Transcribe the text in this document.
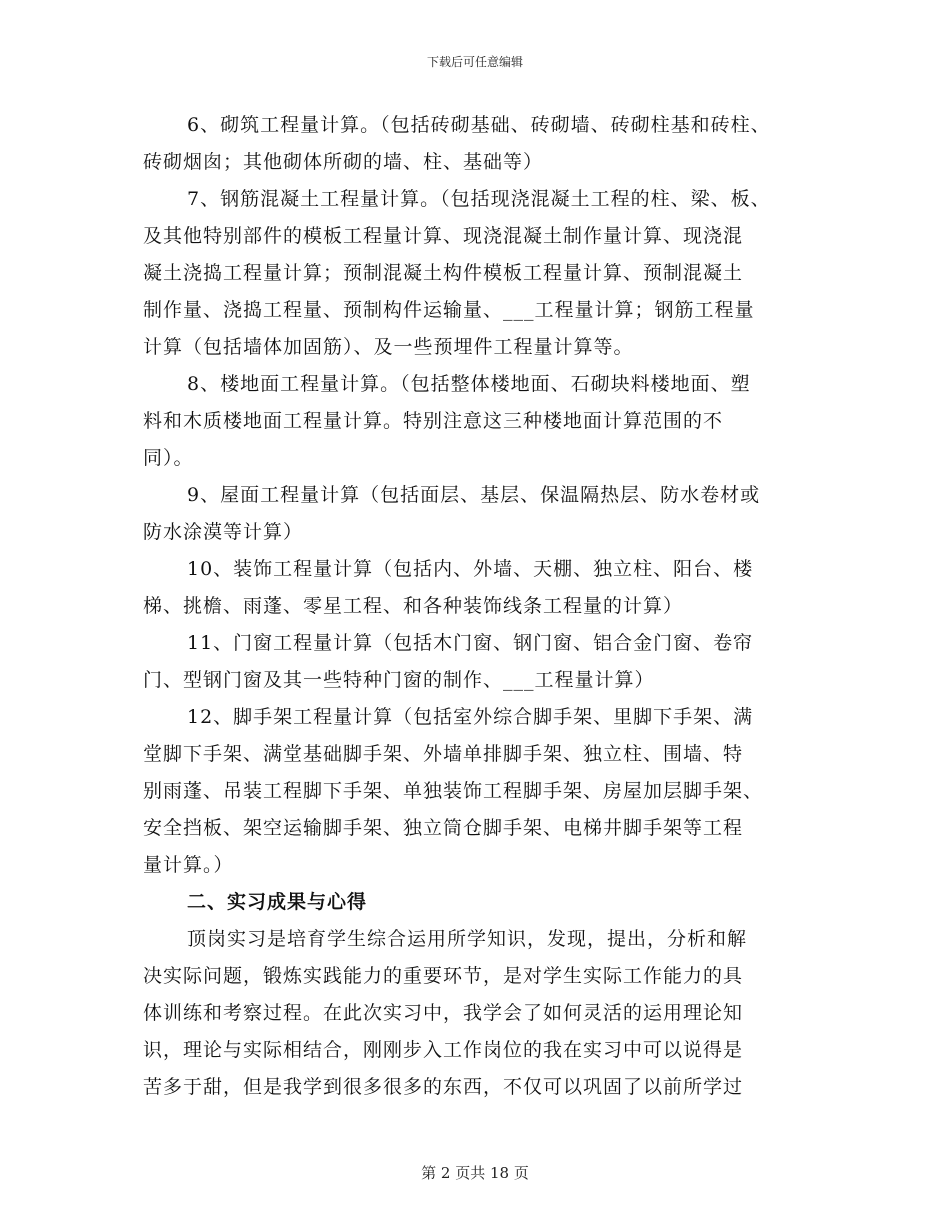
下载后可任意编辑
6、砌筑工程量计算。（包括砖砌基础、砖砌墙、砖砌柱基和砖柱、
砖砌烟囱；其他砌体所砌的墙、柱、基础等）
7、钢筋混凝土工程量计算。（包括现浇混凝土工程的柱、梁、板、
及其他特别部件的模板工程量计算、现浇混凝土制作量计算、现浇混
凝土浇捣工程量计算；预制混凝土构件模板工程量计算、预制混凝土
制作量、浇捣工程量、预制构件运输量、___工程量计算；钢筋工程量
计算（包括墙体加固筋）、及一些预埋件工程量计算等。
8、楼地面工程量计算。（包括整体楼地面、石砌块料楼地面、塑
料和木质楼地面工程量计算。特别注意这三种楼地面计算范围的不
同）。
9、屋面工程量计算（包括面层、基层、保温隔热层、防水卷材或
防水涂漠等计算）
10、装饰工程量计算（包括内、外墙、天棚、独立柱、阳台、楼
梯、挑檐、雨蓬、零星工程、和各种装饰线条工程量的计算）
11、门窗工程量计算（包括木门窗、钢门窗、铝合金门窗、卷帘
门、型钢门窗及其一些特种门窗的制作、___工程量计算）
12、脚手架工程量计算（包括室外综合脚手架、里脚下手架、满
堂脚下手架、满堂基础脚手架、外墙单排脚手架、独立柱、围墙、特
别雨蓬、吊装工程脚下手架、单独装饰工程脚手架、房屋加层脚手架、
安全挡板、架空运输脚手架、独立筒仓脚手架、电梯井脚手架等工程
量计算。）
二、实习成果与心得
顶岗实习是培育学生综合运用所学知识，发现，提出，分析和解
决实际问题，锻炼实践能力的重要环节，是对学生实际工作能力的具
体训练和考察过程。在此次实习中，我学会了如何灵活的运用理论知
识，理论与实际相结合，刚刚步入工作岗位的我在实习中可以说得是
苦多于甜，但是我学到很多很多的东西，不仅可以巩固了以前所学过
第 2 页共 18 页
